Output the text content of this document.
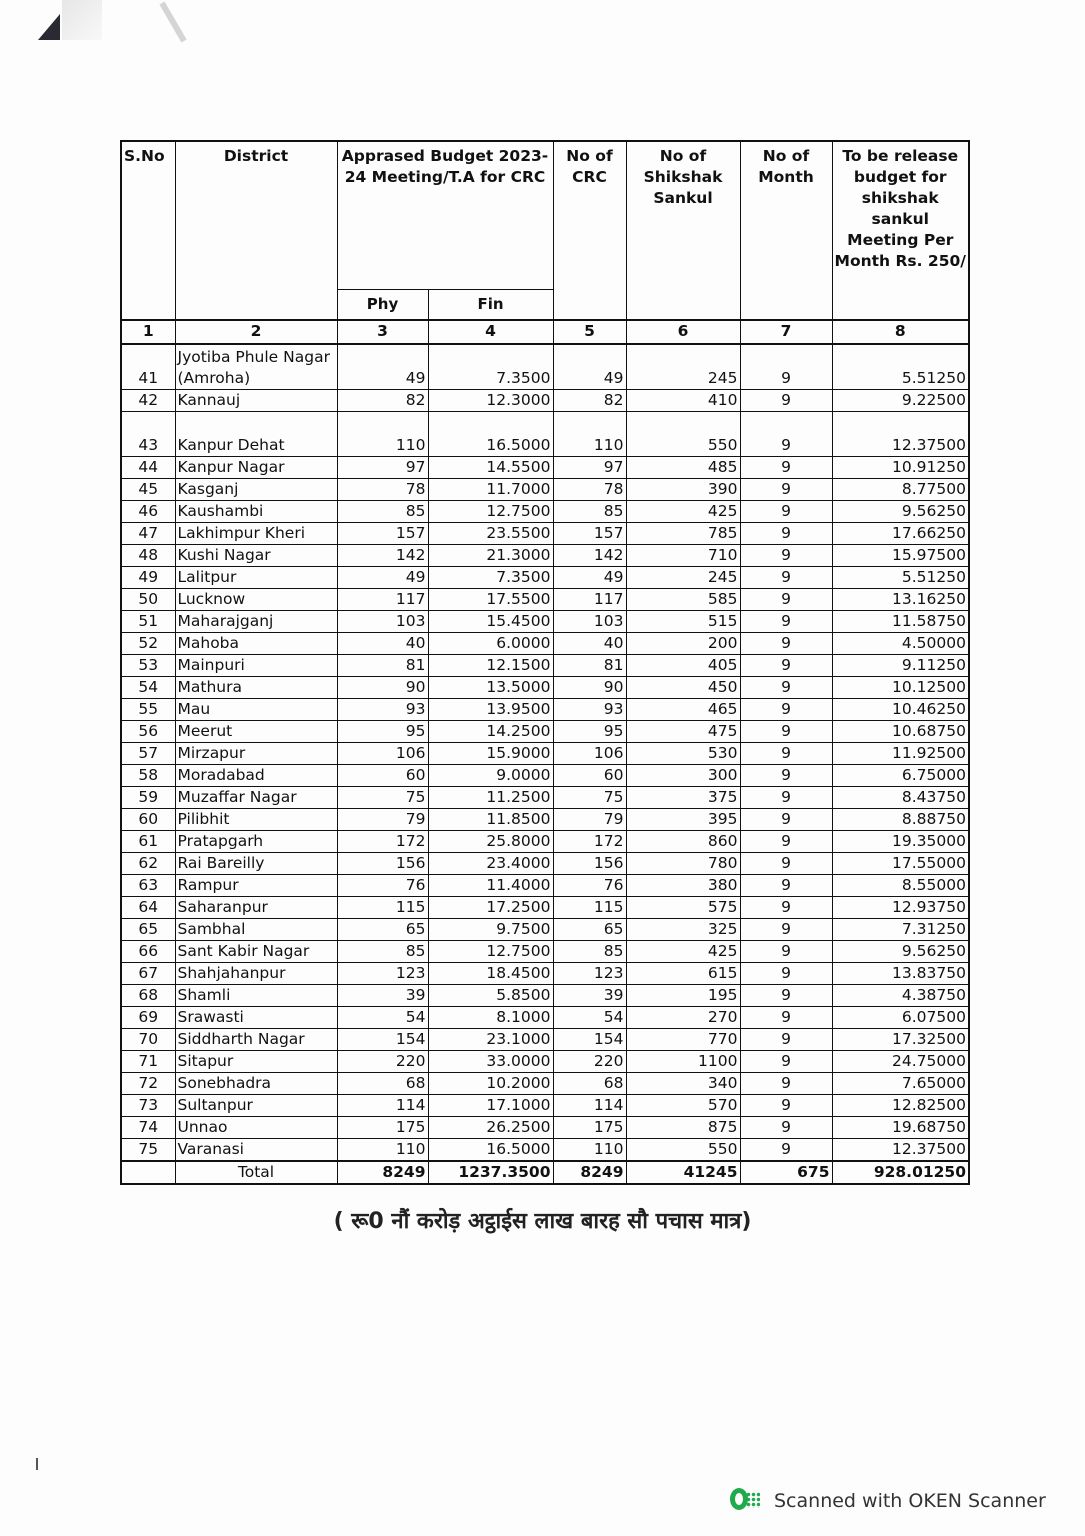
S.No	District	Apprased Budget 2023-24 Meeting/T.A for CRC		No of CRC	No of Shikshak Sankul	No of Month	To be release budget for shikshak sankul Meeting Per Month Rs. 250/
		Phy	Fin				
1	2	3	4	5	6	7	8
41	Jyotiba Phule Nagar (Amroha)	49	7.3500	49	245	9	5.51250
42	Kannauj	82	12.3000	82	410	9	9.22500
43	Kanpur Dehat	110	16.5000	110	550	9	12.37500
44	Kanpur Nagar	97	14.5500	97	485	9	10.91250
45	Kasganj	78	11.7000	78	390	9	8.77500
46	Kaushambi	85	12.7500	85	425	9	9.56250
47	Lakhimpur Kheri	157	23.5500	157	785	9	17.66250
48	Kushi Nagar	142	21.3000	142	710	9	15.97500
49	Lalitpur	49	7.3500	49	245	9	5.51250
50	Lucknow	117	17.5500	117	585	9	13.16250
51	Maharajganj	103	15.4500	103	515	9	11.58750
52	Mahoba	40	6.0000	40	200	9	4.50000
53	Mainpuri	81	12.1500	81	405	9	9.11250
54	Mathura	90	13.5000	90	450	9	10.12500
55	Mau	93	13.9500	93	465	9	10.46250
56	Meerut	95	14.2500	95	475	9	10.68750
57	Mirzapur	106	15.9000	106	530	9	11.92500
58	Moradabad	60	9.0000	60	300	9	6.75000
59	Muzaffar Nagar	75	11.2500	75	375	9	8.43750
60	Pilibhit	79	11.8500	79	395	9	8.88750
61	Pratapgarh	172	25.8000	172	860	9	19.35000
62	Rai Bareilly	156	23.4000	156	780	9	17.55000
63	Rampur	76	11.4000	76	380	9	8.55000
64	Saharanpur	115	17.2500	115	575	9	12.93750
65	Sambhal	65	9.7500	65	325	9	7.31250
66	Sant Kabir Nagar	85	12.7500	85	425	9	9.56250
67	Shahjahanpur	123	18.4500	123	615	9	13.83750
68	Shamli	39	5.8500	39	195	9	4.38750
69	Srawasti	54	8.1000	54	270	9	6.07500
70	Siddharth Nagar	154	23.1000	154	770	9	17.32500
71	Sitapur	220	33.0000	220	1100	9	24.75000
72	Sonebhadra	68	10.2000	68	340	9	7.65000
73	Sultanpur	114	17.1000	114	570	9	12.82500
74	Unnao	175	26.2500	175	875	9	19.68750
75	Varanasi	110	16.5000	110	550	9	12.37500
	Total	8249	1237.3500	8249	41245	675	928.01250
( रू0 नौं करोड़ अट्ठाईस लाख बारह सौ पचास मात्र)
Scanned with OKEN Scanner
